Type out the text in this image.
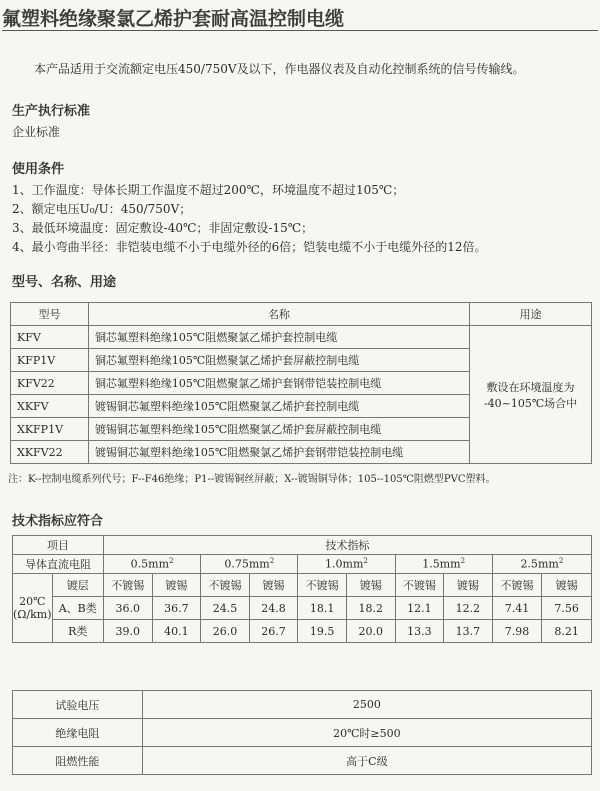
氟塑料绝缘聚氯乙烯护套耐高温控制电缆
本产品适用于交流额定电压450/750V及以下，作电器仪表及自动化控制系统的信号传输线。
生产执行标准
企业标准
使用条件
1、工作温度：导体长期工作温度不超过200℃，环境温度不超过105℃；
2、额定电压U₀/U：450/750V；
3、最低环境温度：固定敷设-40℃；非固定敷设-15℃；
4、最小弯曲半径：非铠装电缆不小于电缆外径的6倍；铠装电缆不小于电缆外径的12倍。
型号、名称、用途
型号	名称	用途
KFV	铜芯氟塑料绝缘105℃阻燃聚氯乙烯护套控制电缆	敷设在环境温度为
-40~105℃场合中

KFP1V	铜芯氟塑料绝缘105℃阻燃聚氯乙烯护套屏蔽控制电缆	
KFV22	铜芯氟塑料绝缘105℃阻燃聚氯乙烯护套钢带铠装控制电缆	
XKFV	镀锡铜芯氟塑料绝缘105℃阻燃聚氯乙烯护套控制电缆	
XKFP1V	镀锡铜芯氟塑料绝缘105℃阻燃聚氯乙烯护套屏蔽控制电缆	
XKFV22	镀锡铜芯氟塑料绝缘105℃阻燃聚氯乙烯护套钢带铠装控制电缆	
注：K--控制电缆系列代号；F--F46绝缘；P1--镀锡铜丝屏蔽；X--镀锡铜导体；105--105℃阻燃型PVC塑料。
技术指标应符合
项目		技术指标									
导体直流电阻		$0.5mm^2$		$0.75mm^2$		$1.0mm^2$		$1.5mm^2$		$2.5mm^2$

20℃
(Ω/km)	镀层	不镀锡	镀锡	不镀锡	镀锡	不镀锡	镀锡	不镀锡	镀锡	不镀锡	镀锡
	A、B类	36.0	36.7	24.5	24.8	18.1	18.2	12.1	12.2	7.41	7.56
	R类	39.0	40.1	26.0	26.7	19.5	20.0	13.3	13.7	7.98	8.21
试验电压	2500
绝缘电阻	20℃时≥500
阻燃性能	高于C级
